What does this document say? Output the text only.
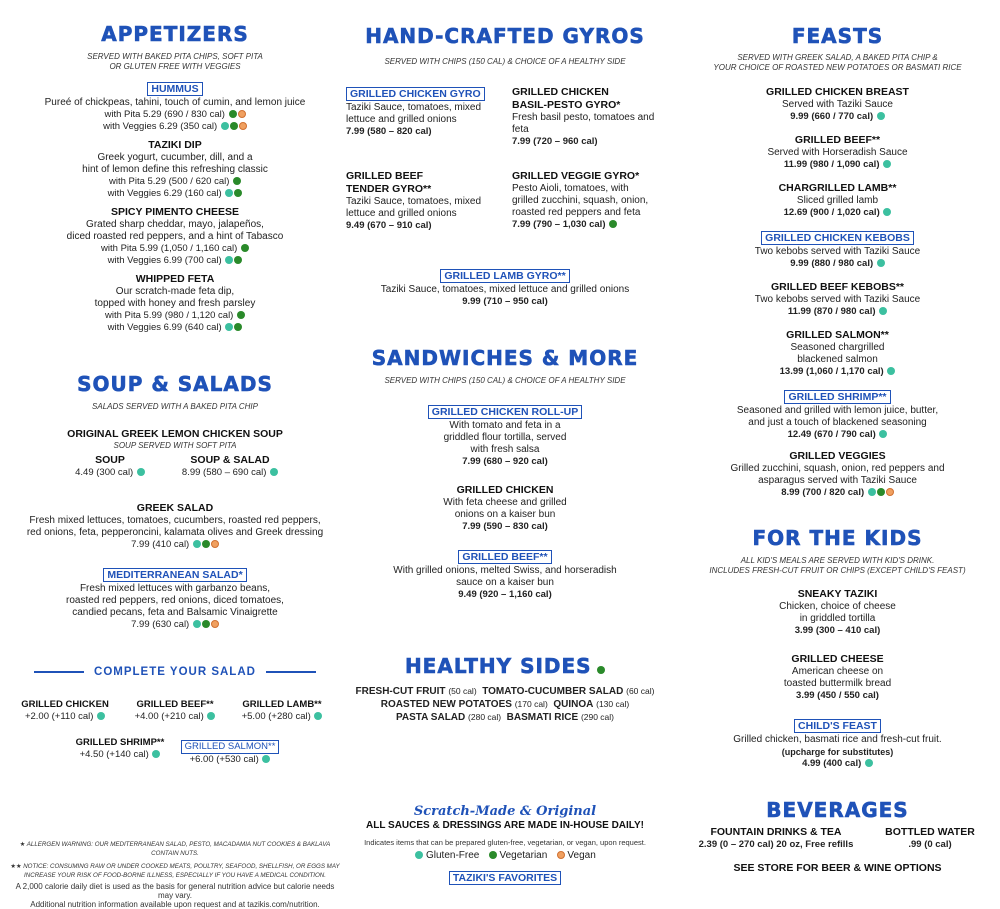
APPETIZERS
SERVED WITH BAKED PITA CHIPS, SOFT PITA
OR GLUTEN FREE WITH VEGGIES
HUMMUS
Pureé of chickpeas, tahini, touch of cumin, and lemon juice
with Pita 5.29 (690 / 830 cal)
with Veggies 6.29 (350 cal)
TAZIKI DIP
Greek yogurt, cucumber, dill, and a
hint of lemon define this refreshing classic
with Pita 5.29 (500 / 620 cal)
with Veggies 6.29 (160 cal)
SPICY PIMENTO CHEESE
Grated sharp cheddar, mayo, jalapeños,
diced roasted red peppers, and a hint of Tabasco
with Pita 5.99 (1,050 / 1,160 cal)
with Veggies 6.99 (700 cal)
WHIPPED FETA
Our scratch-made feta dip,
topped with honey and fresh parsley
with Pita 5.99 (980 / 1,120 cal)
with Veggies 6.99 (640 cal)
SOUP & SALADS
SALADS SERVED WITH A BAKED PITA CHIP
ORIGINAL GREEK LEMON CHICKEN SOUP
SOUP SERVED WITH SOFT PITA
SOUP
4.49 (300 cal)
SOUP & SALAD
8.99 (580 – 690 cal)
GREEK SALAD
Fresh mixed lettuces, tomatoes, cucumbers, roasted red peppers,
red onions, feta, pepperoncini, kalamata olives and Greek dressing
7.99 (410 cal)
MEDITERRANEAN SALAD*
Fresh mixed lettuces with garbanzo beans,
roasted red peppers, red onions, diced tomatoes,
candied pecans, feta and Balsamic Vinaigrette
7.99 (630 cal)
COMPLETE YOUR SALAD
GRILLED CHICKEN
+2.00 (+110 cal)
GRILLED BEEF**
+4.00 (+210 cal)
GRILLED LAMB**
+5.00 (+280 cal)
GRILLED SHRIMP**
+4.50 (+140 cal)
GRILLED SALMON**
+6.00 (+530 cal)
★ ALLERGEN WARNING: OUR MEDITERRANEAN SALAD, PESTO, MACADAMIA NUT COOKIES & BAKLAVA CONTAIN NUTS.
★★ NOTICE: CONSUMING RAW OR UNDER COOKED MEATS, POULTRY, SEAFOOD, SHELLFISH, OR EGGS MAY
INCREASE YOUR RISK OF FOOD-BORNE ILLNESS, ESPECIALLY IF YOU HAVE A MEDICAL CONDITION.
A 2,000 calorie daily diet is used as the basis for general nutrition advice but calorie needs may vary.
Additional nutrition information available upon request and at tazikis.com/nutrition.
HAND-CRAFTED GYROS
SERVED WITH CHIPS (150 CAL) & CHOICE OF A HEALTHY SIDE
GRILLED CHICKEN GYRO
Taziki Sauce, tomatoes, mixed
lettuce and grilled onions
7.99 (580 – 820 cal)
GRILLED CHICKEN
BASIL-PESTO GYRO*
Fresh basil pesto, tomatoes and feta
7.99 (720 – 960 cal)
GRILLED BEEF
TENDER GYRO**
Taziki Sauce, tomatoes, mixed
lettuce and grilled onions
9.49 (670 – 910 cal)
GRILLED VEGGIE GYRO*
Pesto Aioli, tomatoes, with
grilled zucchini, squash, onion,
roasted red peppers and feta
7.99 (790 – 1,030 cal)
GRILLED LAMB GYRO**
Taziki Sauce, tomatoes, mixed lettuce and grilled onions
9.99 (710 – 950 cal)
SANDWICHES & MORE
SERVED WITH CHIPS (150 CAL) & CHOICE OF A HEALTHY SIDE
GRILLED CHICKEN ROLL-UP
With tomato and feta in a
griddled flour tortilla, served
with fresh salsa
7.99 (680 – 920 cal)
GRILLED CHICKEN
With feta cheese and grilled
onions on a kaiser bun
7.99 (590 – 830 cal)
GRILLED BEEF**
With grilled onions, melted Swiss, and horseradish
sauce on a kaiser bun
9.49 (920 – 1,160 cal)
HEALTHY SIDES
FRESH-CUT FRUIT (50 cal) TOMATO-CUCUMBER SALAD (60 cal)
ROASTED NEW POTATOES (170 cal) QUINOA (130 cal)
PASTA SALAD (280 cal) BASMATI RICE (290 cal)
Scratch-Made & Original
ALL SAUCES & DRESSINGS ARE MADE IN-HOUSE DAILY!
Indicates items that can be prepared gluten-free, vegetarian, or vegan, upon request.
Gluten-Free Vegetarian Vegan
TAZIKI'S FAVORITES
FEASTS
SERVED WITH GREEK SALAD, A BAKED PITA CHIP &
YOUR CHOICE OF ROASTED NEW POTATOES OR BASMATI RICE
GRILLED CHICKEN BREAST
Served with Taziki Sauce
9.99 (660 / 770 cal)
GRILLED BEEF**
Served with Horseradish Sauce
11.99 (980 / 1,090 cal)
CHARGRILLED LAMB**
Sliced grilled lamb
12.69 (900 / 1,020 cal)
GRILLED CHICKEN KEBOBS
Two kebobs served with Taziki Sauce
9.99 (880 / 980 cal)
GRILLED BEEF KEBOBS**
Two kebobs served with Taziki Sauce
11.99 (870 / 980 cal)
GRILLED SALMON**
Seasoned chargrilled
blackened salmon
13.99 (1,060 / 1,170 cal)
GRILLED SHRIMP**
Seasoned and grilled with lemon juice, butter,
and just a touch of blackened seasoning
12.49 (670 / 790 cal)
GRILLED VEGGIES
Grilled zucchini, squash, onion, red peppers and
asparagus served with Taziki Sauce
8.99 (700 / 820 cal)
FOR THE KIDS
ALL KID'S MEALS ARE SERVED WITH KID'S DRINK.
INCLUDES FRESH-CUT FRUIT OR CHIPS (EXCEPT CHILD'S FEAST)
SNEAKY TAZIKI
Chicken, choice of cheese
in griddled tortilla
3.99 (300 – 410 cal)
GRILLED CHEESE
American cheese on
toasted buttermilk bread
3.99 (450 / 550 cal)
CHILD'S FEAST
Grilled chicken, basmati rice and fresh-cut fruit.
(upcharge for substitutes)
4.99 (400 cal)
BEVERAGES
FOUNTAIN DRINKS & TEA
2.39 (0 – 270 cal) 20 oz, Free refills
BOTTLED WATER
.99 (0 cal)
SEE STORE FOR BEER & WINE OPTIONS
